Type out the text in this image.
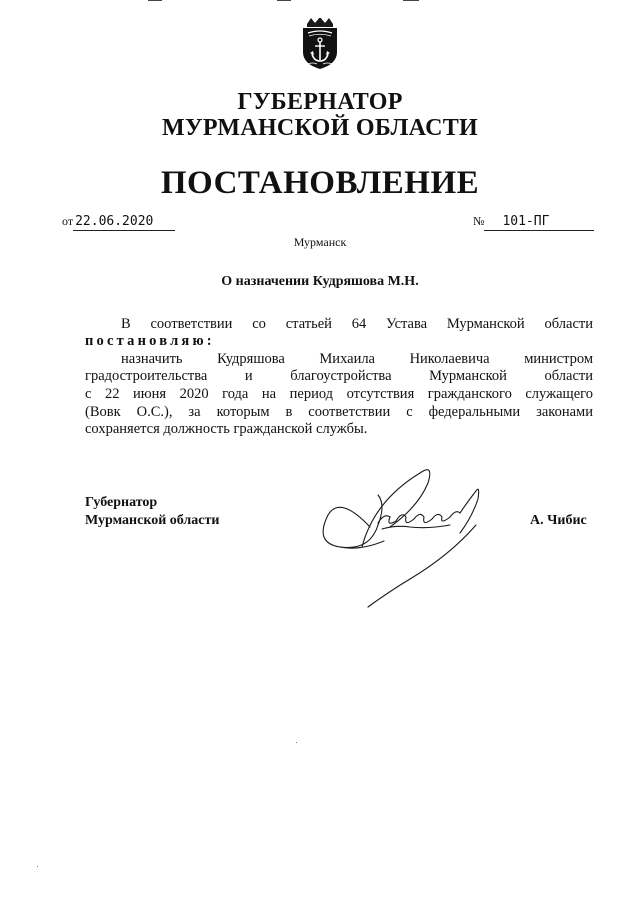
ГУБЕРНАТОР
МУРМАНСКОЙ ОБЛАСТИ
ПОСТАНОВЛЕНИЕ
от 22.06.2020	№ 101-ПГ
Мурманск
О назначении Кудряшова М.Н.
В соответствии со статьей 64 Устава Мурманской области
постановляю:
назначить Кудряшова Михаила Николаевича министром
градостроительства и благоустройства Мурманской области
с 22 июня 2020 года на период отсутствия гражданского служащего
(Вовк О.С.), за которым в соответствии с федеральными законами
сохраняется должность гражданской службы.
Губернатор
Мурманской области	А. Чибис
